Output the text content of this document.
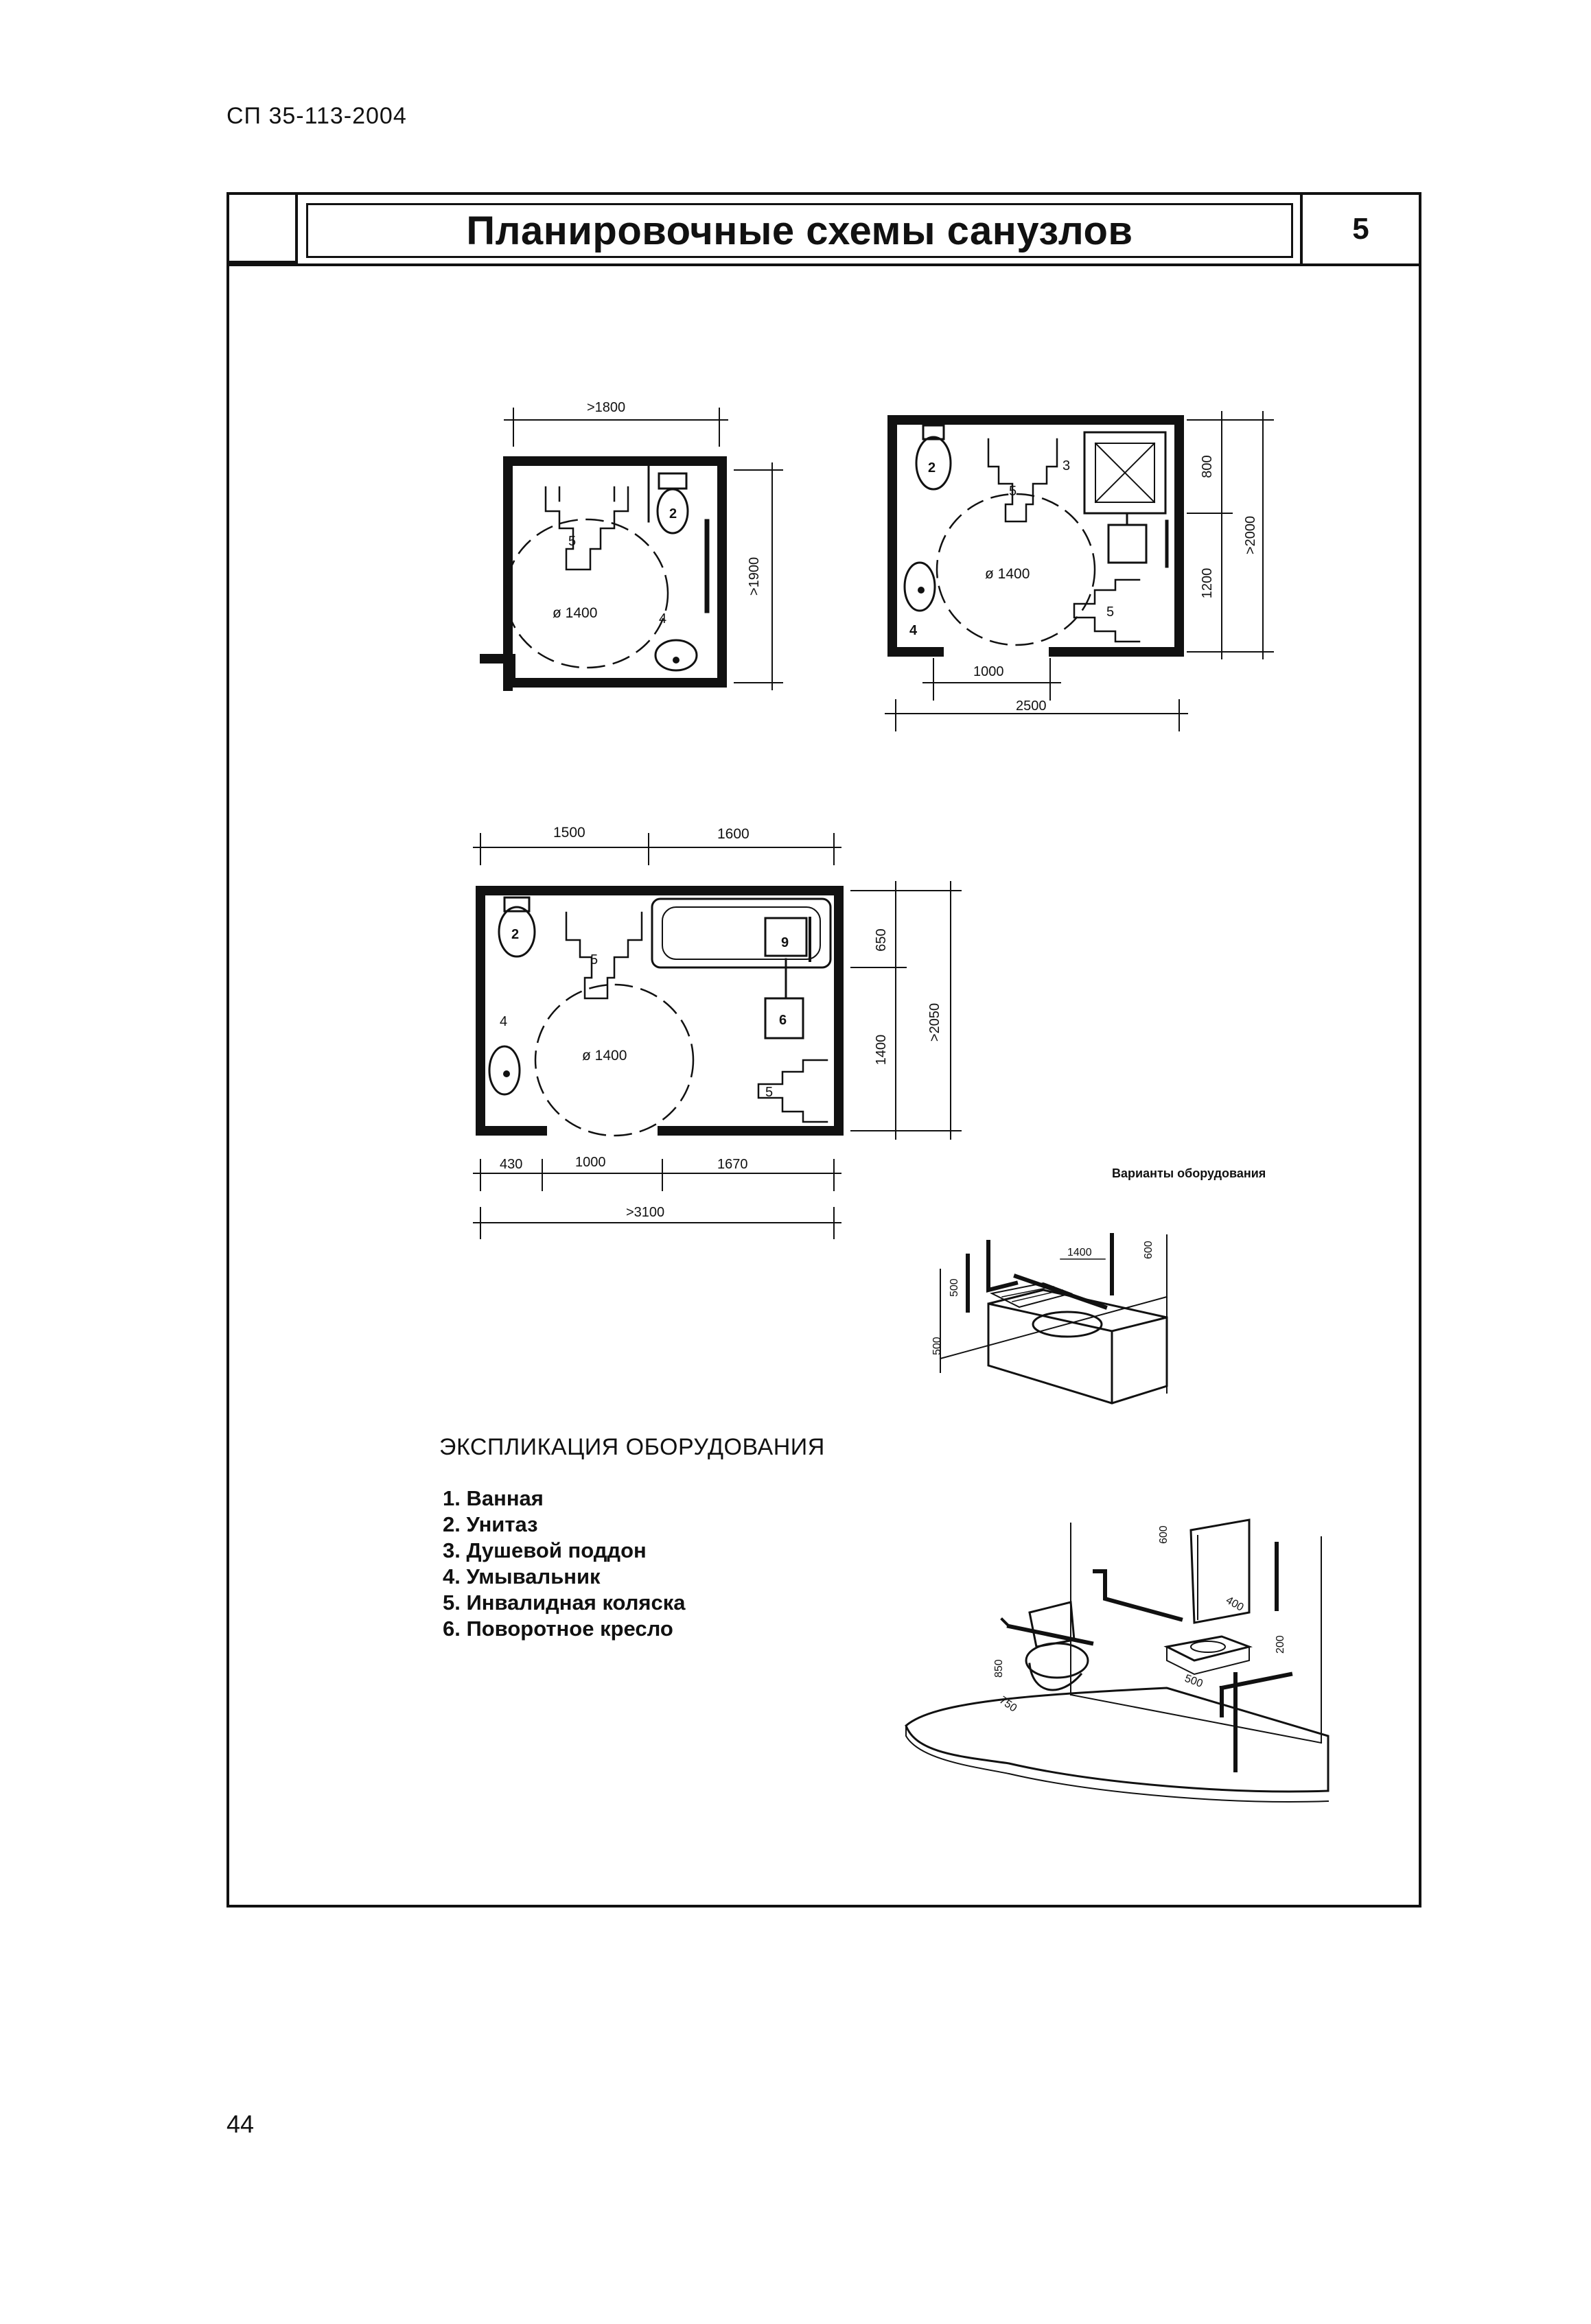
СП 35-113-2004
Планировочные схемы санузлов	5
>1800
>1900
5
2
4
ø 1400
800
1200
>2000
1000
2500
2	3
5
4
5
ø 1400
1500	1600
650
1400
>2050
430	1000	1670
>3100
2
5
4
9
6
5
ø 1400
1400	600
500
500
600
400
850
750
500
200
Варианты оборудования
ЭКСПЛИКАЦИЯ ОБОРУДОВАНИЯ
1. Ванная
2. Унитаз
3. Душевой поддон
4. Умывальник
5. Инвалидная коляска
6. Поворотное кресло
44
